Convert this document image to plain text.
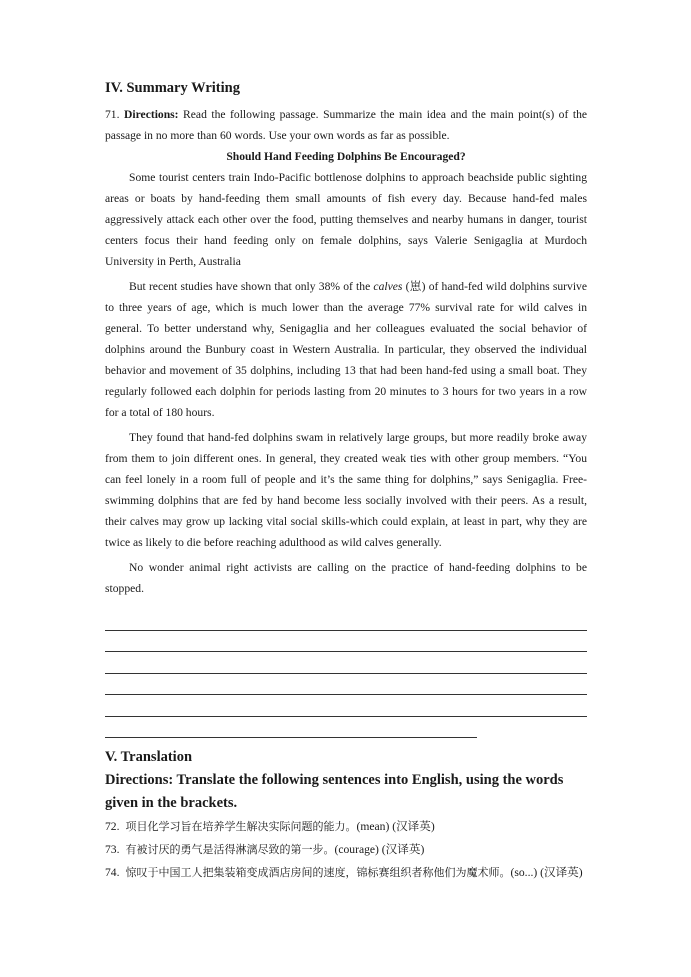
IV. Summary Writing

71. Directions: Read the following passage. Summarize the main idea and the main point(s) of the passage in no more than 60 words. Use your own words as far as possible.

Should Hand Feeding Dolphins Be Encouraged?

Some tourist centers train Indo-Pacific bottlenose dolphins to approach beachside public sighting areas or boats by hand-feeding them small amounts of fish every day. Because hand-fed males aggressively attack each other over the food, putting themselves and nearby humans in danger, tourist centers focus their hand feeding only on female dolphins, says Valerie Senigaglia at Murdoch University in Perth, Australia

But recent studies have shown that only 38% of the calves (崽) of hand-fed wild dolphins survive to three years of age, which is much lower than the average 77% survival rate for wild calves in general. To better understand why, Senigaglia and her colleagues evaluated the social behavior of dolphins around the Bunbury coast in Western Australia. In particular, they observed the individual behavior and movement of 35 dolphins, including 13 that had been hand-fed using a small boat. They regularly followed each dolphin for periods lasting from 20 minutes to 3 hours for two years in a row for a total of 180 hours.

They found that hand-fed dolphins swam in relatively large groups, but more readily broke away from them to join different ones. In general, they created weak ties with other group members. “You can feel lonely in a room full of people and it’s the same thing for dolphins,” says Senigaglia. Free-swimming dolphins that are fed by hand become less socially involved with their peers. As a result, their calves may grow up lacking vital social skills-which could explain, at least in part, why they are twice as likely to die before reaching adulthood as wild calves generally.

No wonder animal right activists are calling on the practice of hand-feeding dolphins to be stopped.

V. Translation

Directions: Translate the following sentences into English, using the words given in the brackets.

72. 项目化学习旨在培养学生解决实际问题的能力。(mean) (汉译英)

73. 有被讨厌的勇气是活得淋漓尽致的第一步。(courage) (汉译英)

74. 惊叹于中国工人把集装箱变成酒店房间的速度，锦标赛组织者称他们为魔术师。(so...) (汉译英)
